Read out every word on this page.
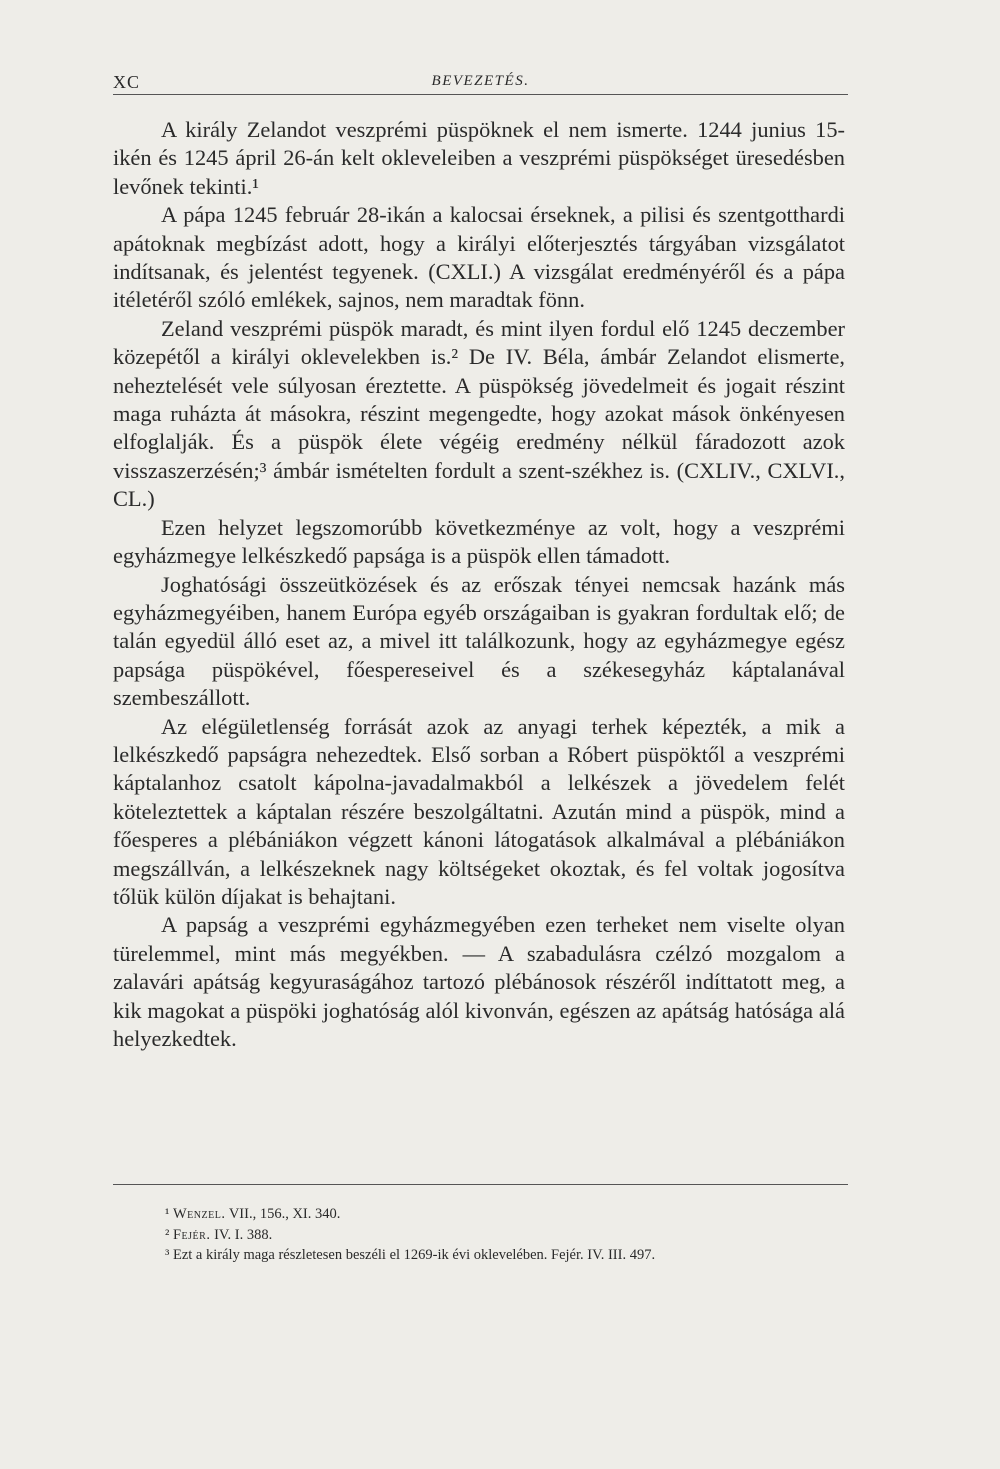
XC	BEVEZETÉS.

A király Zelandot veszprémi püspöknek el nem ismerte. 1244 junius 15-ikén és 1245 ápril 26-án kelt okleveleiben a veszprémi püspökséget üresedésben levőnek tekinti.¹

A pápa 1245 február 28-ikán a kalocsai érseknek, a pilisi és szentgotthardi apátoknak megbízást adott, hogy a királyi előterjesztés tárgyában vizsgálatot indítsanak, és jelentést tegyenek. (CXLI.) A vizsgálat eredményéről és a pápa itéletéről szóló emlékek, sajnos, nem maradtak fönn.

Zeland veszprémi püspök maradt, és mint ilyen fordul elő 1245 deczember közepétől a királyi oklevelekben is.² De IV. Béla, ámbár Zelandot elismerte, neheztelését vele súlyosan éreztette. A püspökség jövedelmeit és jogait részint maga ruházta át másokra, részint megengedte, hogy azokat mások önkényesen elfoglalják. És a püspök élete végéig eredmény nélkül fáradozott azok visszaszerzésén;³ ámbár ismételten fordult a szent-székhez is. (CXLIV., CXLVI., CL.)

Ezen helyzet legszomorúbb következménye az volt, hogy a veszprémi egyházmegye lelkészkedő papsága is a püspök ellen támadott.

Joghatósági összeütközések és az erőszak tényei nemcsak hazánk más egyházmegyéiben, hanem Európa egyéb országaiban is gyakran fordultak elő; de talán egyedül álló eset az, a mivel itt találkozunk, hogy az egyházmegye egész papsága püspökével, főespereseivel és a székesegyház káptalanával szembeszállott.

Az elégületlenség forrását azok az anyagi terhek képezték, a mik a lelkészkedő papságra nehezedtek. Első sorban a Róbert püspöktől a veszprémi káptalanhoz csatolt kápolna-javadalmakból a lelkészek a jövedelem felét köteleztettek a káptalan részére beszolgáltatni. Azután mind a püspök, mind a főesperes a plébániákon végzett kánoni látogatások alkalmával a plébániákon megszállván, a lelkészeknek nagy költségeket okoztak, és fel voltak jogosítva tőlük külön díjakat is behajtani.

A papság a veszprémi egyházmegyében ezen terheket nem viselte olyan türelemmel, mint más megyékben. — A szabadulásra czélzó mozgalom a zalavári apátság kegyuraságához tartozó plébánosok részéről indíttatott meg, a kik magokat a püspöki joghatóság alól kivonván, egészen az apátság hatósága alá helyezkedtek.

¹ Wenzel. VII., 156., XI. 340.

² Fejér. IV. I. 388.

³ Ezt a király maga részletesen beszéli el 1269-ik évi oklevelében. Fejér. IV. III. 497.
